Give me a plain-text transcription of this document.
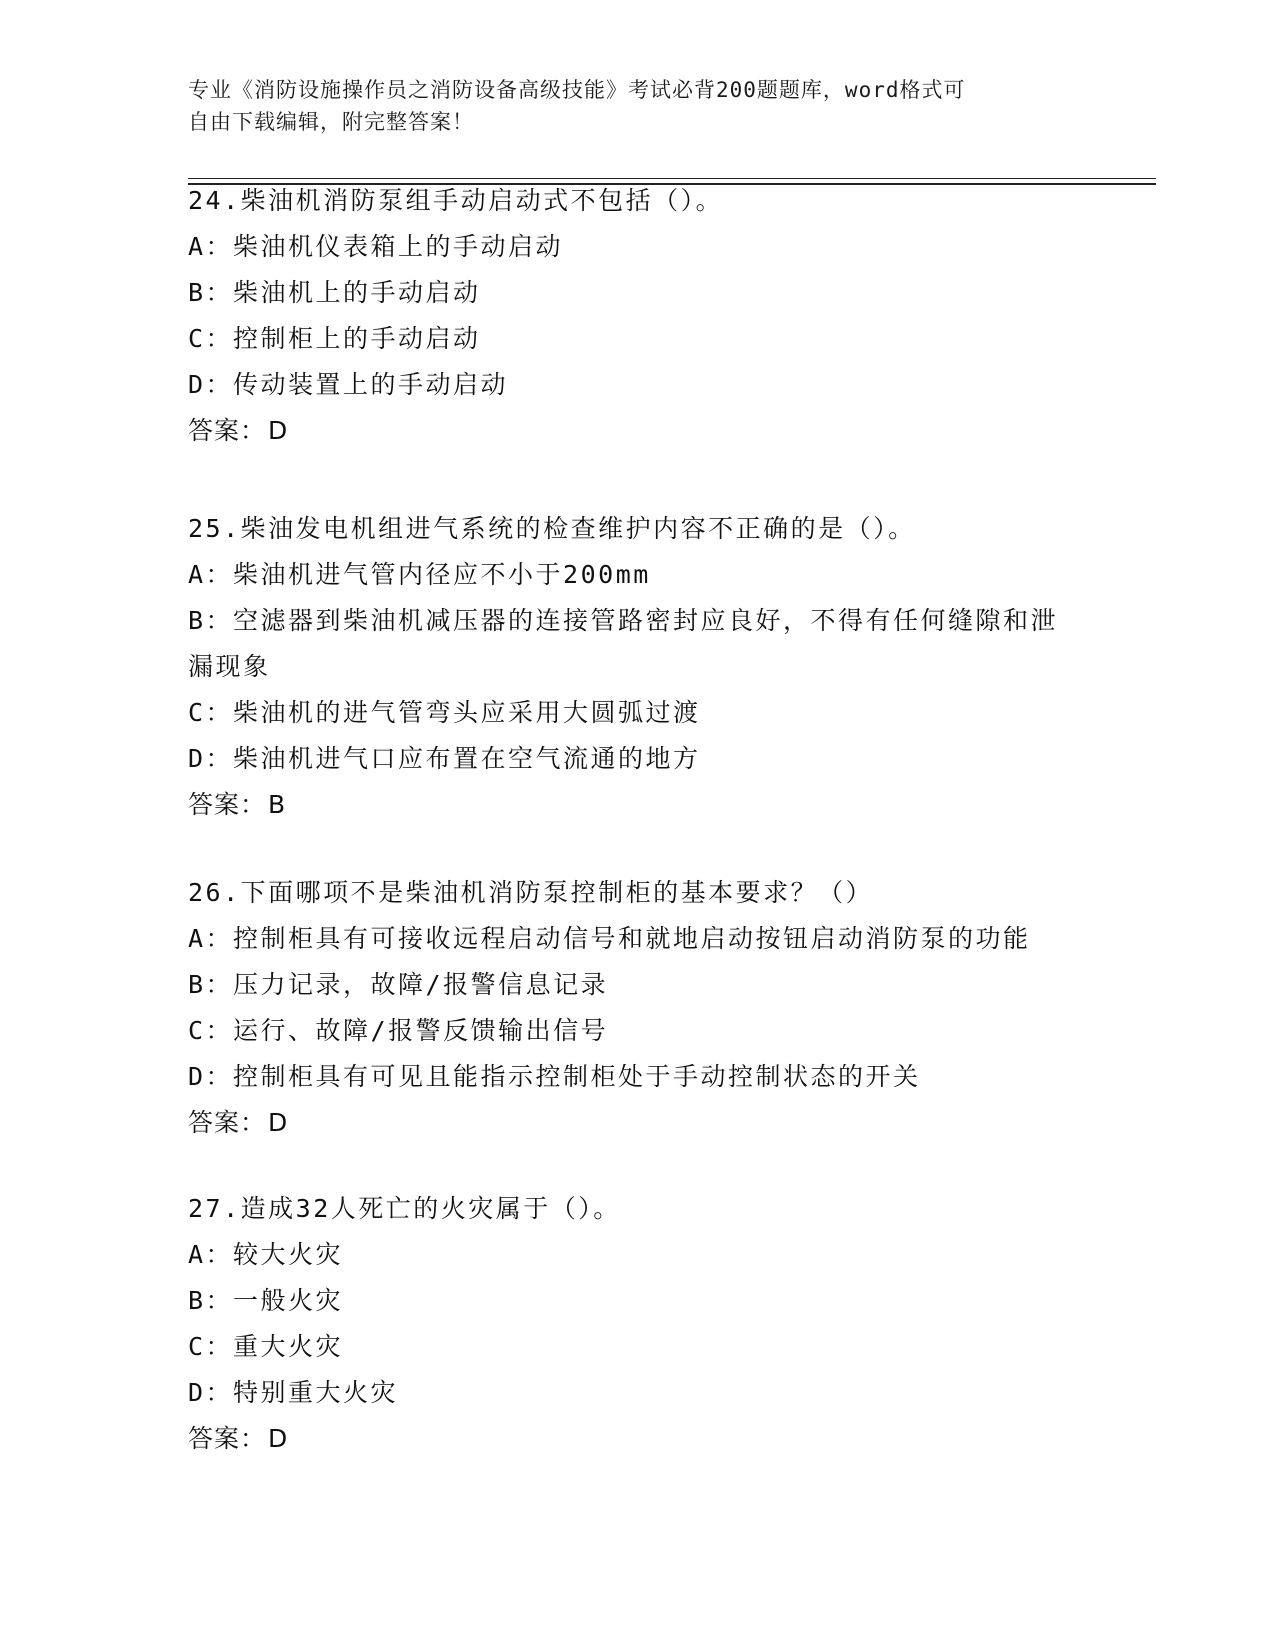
专业《消防设施操作员之消防设备高级技能》考试必背200题题库，word格式可
自由下载编辑，附完整答案！

24.柴油机消防泵组手动启动式不包括（）。

A：柴油机仪表箱上的手动启动

B：柴油机上的手动启动

C：控制柜上的手动启动

D：传动装置上的手动启动

答案：D

25.柴油发电机组进气系统的检查维护内容不正确的是（）。

A：柴油机进气管内径应不小于200mm

B：空滤器到柴油机减压器的连接管路密封应良好，不得有任何缝隙和泄漏现象

C：柴油机的进气管弯头应采用大圆弧过渡

D：柴油机进气口应布置在空气流通的地方

答案：B

26.下面哪项不是柴油机消防泵控制柜的基本要求？（）

A：控制柜具有可接收远程启动信号和就地启动按钮启动消防泵的功能

B：压力记录，故障/报警信息记录

C：运行、故障/报警反馈输出信号

D：控制柜具有可见且能指示控制柜处于手动控制状态的开关

答案：D

27.造成32人死亡的火灾属于（）。

A：较大火灾

B：一般火灾

C：重大火灾

D：特别重大火灾

答案：D
